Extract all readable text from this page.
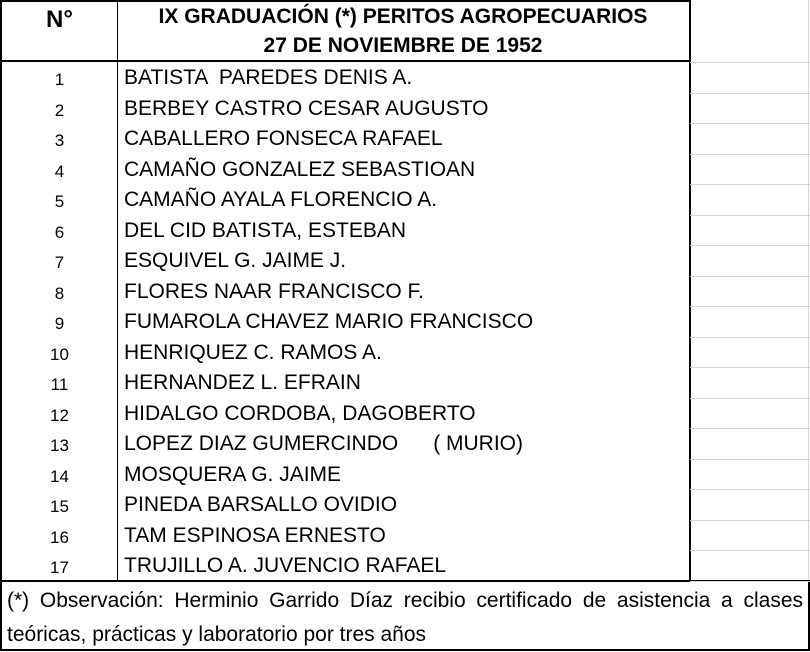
N°	IX GRADUACIÓN (*) PERITOS AGROPECUARIOS
27 DE NOVIEMBRE DE 1952
1	BATISTA  PAREDES DENIS A.
2	BERBEY CASTRO CESAR AUGUSTO
3	CABALLERO FONSECA RAFAEL
4	CAMAÑO GONZALEZ SEBASTIOAN
5	CAMAÑO AYALA FLORENCIO A.
6	DEL CID BATISTA, ESTEBAN
7	ESQUIVEL G. JAIME J.
8	FLORES NAAR FRANCISCO F.
9	FUMAROLA CHAVEZ MARIO FRANCISCO
10	HENRIQUEZ C. RAMOS A.
11	HERNANDEZ L. EFRAIN
12	HIDALGO CORDOBA, DAGOBERTO
13	LOPEZ DIAZ GUMERCINDO      ( MURIO)
14	MOSQUERA G. JAIME
15	PINEDA BARSALLO OVIDIO
16	TAM ESPINOSA ERNESTO
17	TRUJILLO A. JUVENCIO RAFAEL
(*) Observación: Herminio Garrido Díaz recibio certificado de asistencia a clases teóricas, prácticas y laboratorio por tres años
